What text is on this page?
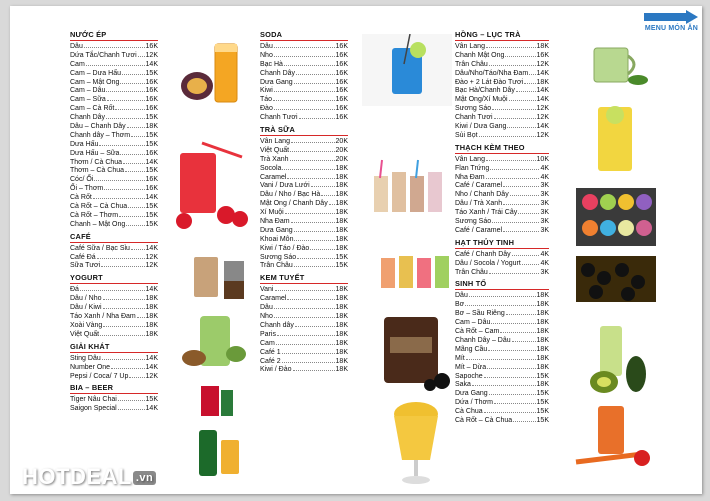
MENU MÓN ĂN
NƯỚC ÉP
Dâu	16K
Dứa Tắc/Chanh Tươi 12K
Cam	14K
Cam – Dưa Hấu	15K
Cam – Mật Ong	16K
Cam – Dâu	16K
Cam – Sữa	16K
Cam – Cà Rốt	16K
Chanh Dây	15K
Dâu – Chanh Dây	18K
Chanh dây – Thơm 15K
Dưa Hấu	15K
Dưa Hấu – Sữa	16K
Thơm / Cà Chua	14K
Thơm – Cà Chua	15K
Cóc/ Ổi	16K
Ổi – Thơm	16K
Cà Rốt	14K
Cà Rốt – Cà Chua	15K
Cà Rốt – Thơm	15K
Chanh – Mật Ong	15K
CAFÉ
Café Sữa / Bạc Sỉu 14K
Café Đá	12K
Sữa Tươi	12K
YOGURT
Đá	14K
Dâu / Nho	18K
Dâu / Kiwi	18K
Táo Xanh / Nha Đam 18K
Xoài Vàng	18K
Việt Quất	18K
GIẢI KHÁT
Sting Dâu	14K
Number One	14K
Pepsi / Coca/ 7 Up 12K
BIA – BEER
Tiger Nâu Chai	15K
Saigon Special	14K
SODA
Dâu	16K
Nho	16K
Bạc Hà	16K
Chanh Dây	16K
Dưa Gang	16K
Kiwi	16K
Táo	16K
Đào	16K
Chanh Tươi	16K
TRÀ SỮA
Vân Lang	20K
Việt Quất	20K
Trà Xanh	20K
Socola	18K
Caramel	18K
Vani / Dưa Lưới	18K
Dâu / Nho / Bạc Hà 18K
Mật Ong / Chanh Dây 18K
Xí Muội	18K
Nha Đam	18K
Dưa Gang	18K
Khoai Môn	18K
Kiwi / Táo / Đào	18K
Sương Sáo	15K
Trân Châu	15K
KEM TUYẾT
Vani	18K
Caramel	18K
Dâu	18K
Nho	18K
Chanh dây	18K
Paris	18K
Cam	18K
Café 1	18K
Café 2	18K
Kiwi / Đào	18K
HỒNG – LỤC TRÀ
Vân Lang	18K
Chanh Mật Ong	16K
Trân Châu	12K
Dâu/Nho/Táo/Nha Đam 14K
Đào + 2 Lát Đào Tươi 18K
Bạc Hà/Chanh Dây	14K
Mật Ong/Xí Muội	14K
Sương Sáo	12K
Chanh Tươi	12K
Kiwi / Dưa Gang	14K
Sủi Bọt	12K
THẠCH KÈM THEO
Vân Lang	10K
Flan Trứng	4K
Nha Đam	4K
Café / Caramel	3K
Nho / Chanh Dây	3K
Dâu / Trà Xanh	3K
Táo Xanh / Trái Cây	3K
Sương Sáo	3K
Café / Caramel	3K
HẠT THỦY TINH
Café / Chanh Dây	4K
Dâu / Socola / Yogurt	4K
Trân Châu	3K
SINH TỐ
Dâu	18K
Bơ	18K
Bơ – Sầu Riêng	18K
Cam – Dâu	18K
Cà Rốt – Cam	18K
Chanh Dây – Dâu	18K
Mãng Cầu	18K
Mít	18K
Mít – Dừa	18K
Sapoche	15K
Saka	18K
Dưa Gang	15K
Dứa / Thơm	15K
Cà Chua	15K
Cà Rốt – Cà Chua	15K
HOTDEAL .vn
